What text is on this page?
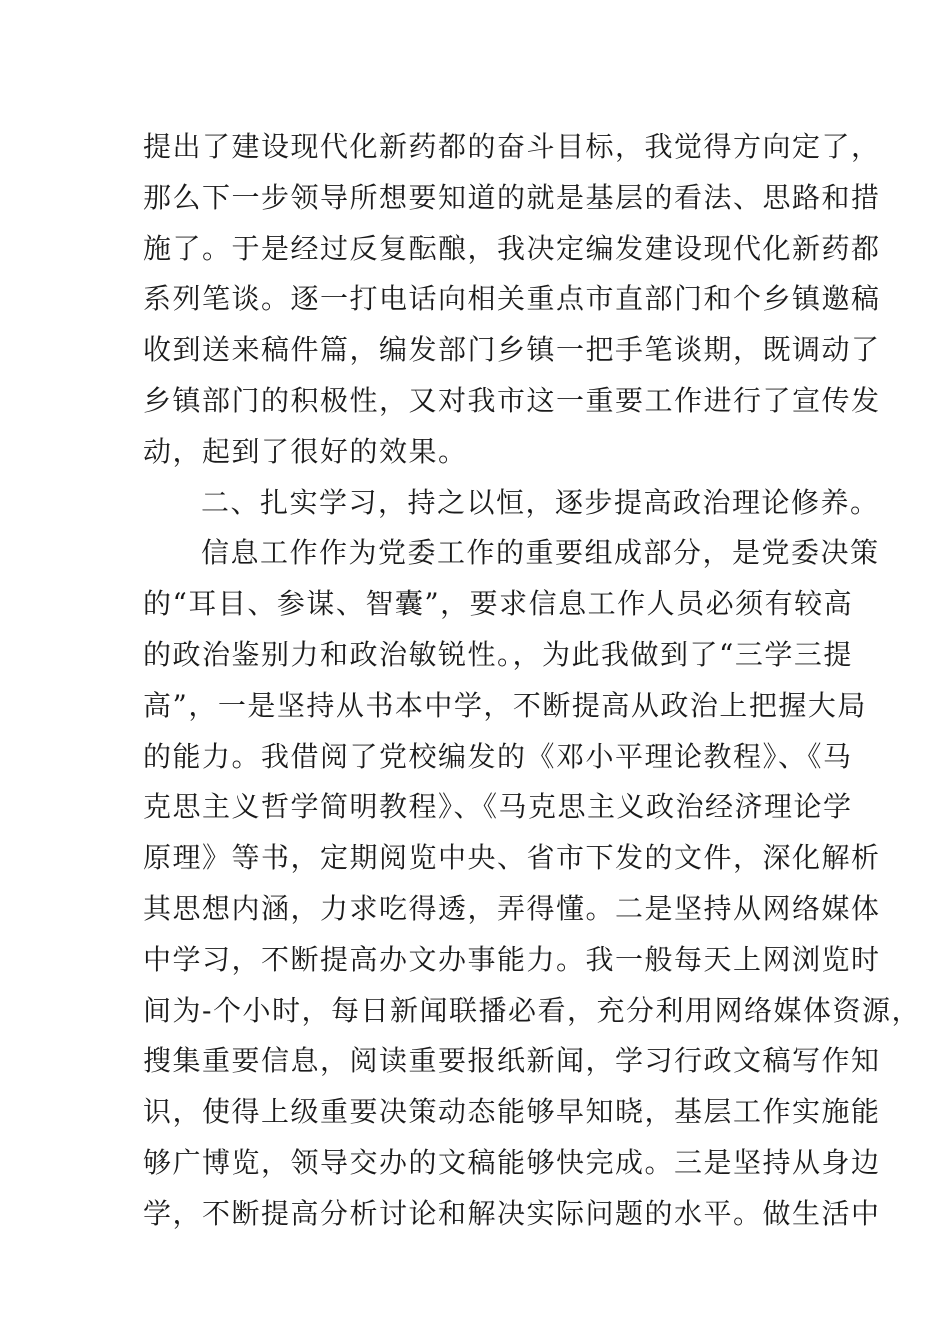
提出了建设现代化新药都的奋斗目标，我觉得方向定了，

那么下一步领导所想要知道的就是基层的看法、思路和措

施了。于是经过反复酝酿，我决定编发建设现代化新药都

系列笔谈。逐一打电话向相关重点市直部门和个乡镇邀稿

收到送来稿件篇，编发部门乡镇一把手笔谈期，既调动了

乡镇部门的积极性，又对我市这一重要工作进行了宣传发

动，起到了很好的效果。

二、扎实学习，持之以恒，逐步提高政治理论修养。

信息工作作为党委工作的重要组成部分，是党委决策

的“耳目、参谋、智囊”，要求信息工作人员必须有较高

的政治鉴别力和政治敏锐性。，为此我做到了“三学三提

高”，一是坚持从书本中学，不断提高从政治上把握大局

的能力。我借阅了党校编发的《邓小平理论教程》、《马

克思主义哲学简明教程》、《马克思主义政治经济理论学

原理》等书，定期阅览中央、省市下发的文件，深化解析

其思想内涵，力求吃得透，弄得懂。二是坚持从网络媒体

中学习，不断提高办文办事能力。我一般每天上网浏览时

间为-个小时，每日新闻联播必看，充分利用网络媒体资源，

搜集重要信息，阅读重要报纸新闻，学习行政文稿写作知

识，使得上级重要决策动态能够早知晓，基层工作实施能

够广博览，领导交办的文稿能够快完成。三是坚持从身边

学，不断提高分析讨论和解决实际问题的水平。做生活中
